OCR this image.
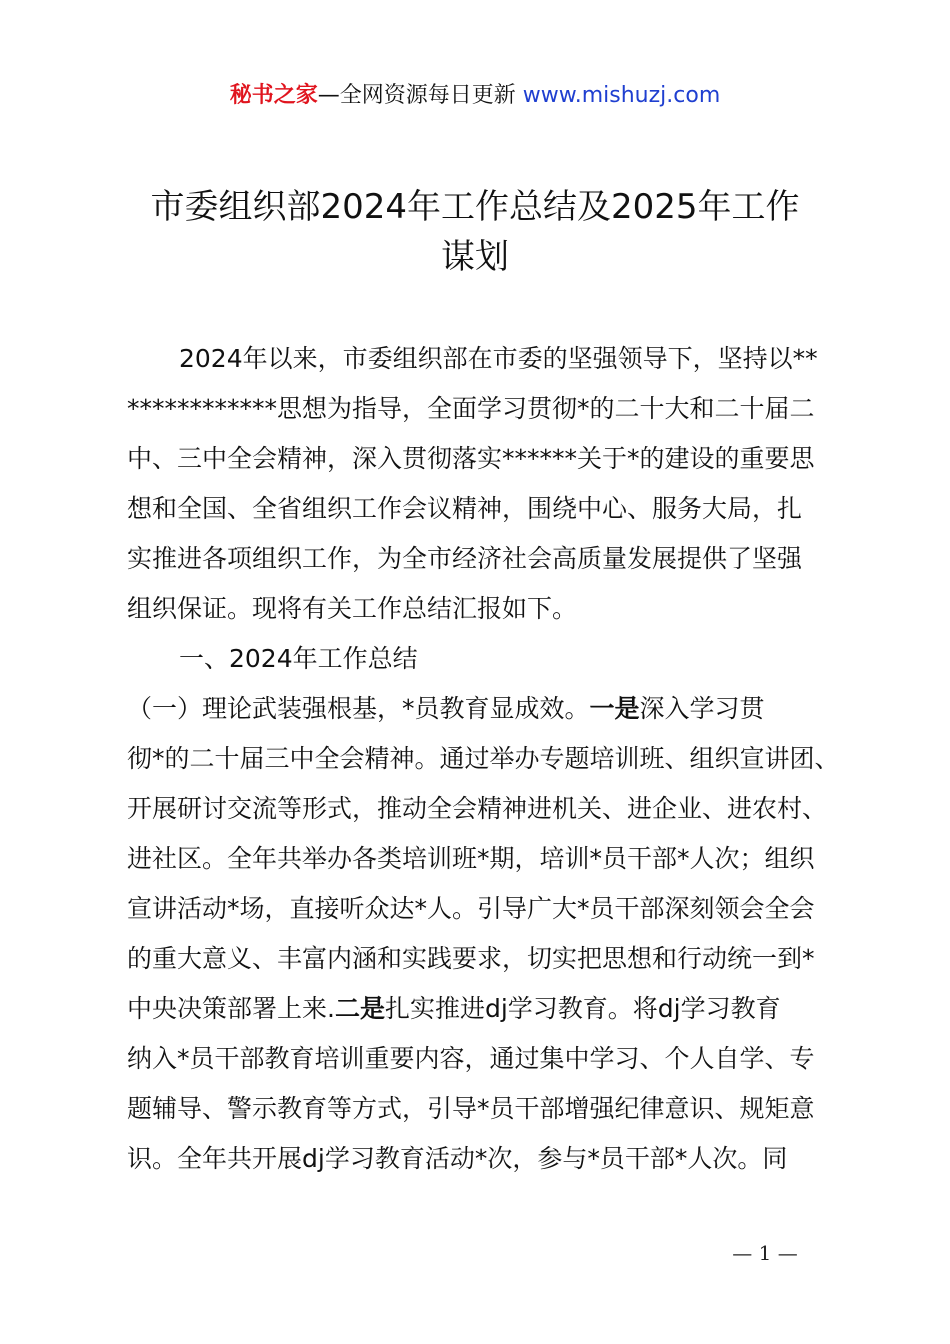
秘书之家—全网资源每日更新 www.mishuzj.com
市委组织部2024年工作总结及2025年工作
谋划
2024年以来，市委组织部在市委的坚强领导下，坚持以**
************思想为指导，全面学习贯彻*的二十大和二十届二
中、三中全会精神，深入贯彻落实******关于*的建设的重要思
想和全国、全省组织工作会议精神，围绕中心、服务大局，扎
实推进各项组织工作，为全市经济社会高质量发展提供了坚强
组织保证。现将有关工作总结汇报如下。
一、2024年工作总结
（一）理论武装强根基，*员教育显成效。一是深入学习贯
彻*的二十届三中全会精神。通过举办专题培训班、组织宣讲团、
开展研讨交流等形式，推动全会精神进机关、进企业、进农村、
进社区。全年共举办各类培训班*期，培训*员干部*人次；组织
宣讲活动*场，直接听众达*人。引导广大*员干部深刻领会全会
的重大意义、丰富内涵和实践要求，切实把思想和行动统一到*
中央决策部署上来.二是扎实推进dj学习教育。将dj学习教育
纳入*员干部教育培训重要内容，通过集中学习、个人自学、专
题辅导、警示教育等方式，引导*员干部增强纪律意识、规矩意
识。全年共开展dj学习教育活动*次，参与*员干部*人次。同
— 1 —
